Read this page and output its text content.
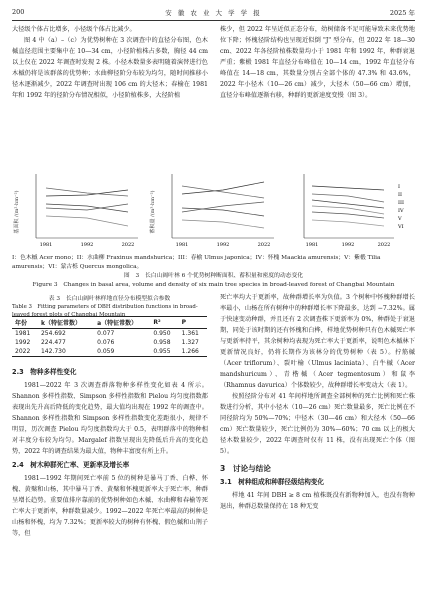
200	安 徽 农 业 大 学 学 报	2025 年

大径级个体占比增多，小径级个体占比减少。

图 4 中（a）–（c）为优势树种在 3 次调查中的直径分布图，色木槭直径范围主要集中在 10—34 cm，小径阶植株占多数，胸径 44 cm 以上仅在 2022 年调查时发现 2 株。小径木数量多表明随着演替进行色木槭仍将是该群落的优势种；水曲柳径阶分布较为均匀，随时间推移小径木逐渐减少，2022 年调查时出现 106 cm 的大径木；春榆在 1981 年和 1992 年的径阶分布情况相似，小径阶植株多，大径阶植

株少，但 2022 年呈近似正态分布，幼树储备不足可能导致未来优势地位下降；怀槐径阶结构也呈现近似倒 "J" 型分布，但 2022 年 18—30 cm、2022 年各径阶植株数量均小于 1981 年和 1992 年，种群衰退严重；紫椴 1981 年直径分布峰值在 10—14 cm，1992 年直径分布峰值在 14—18 cm，其数量分别占全部个体的 47.3% 和 43.6%，2022 年小径木（10—26 cm）减少，大径木（50—66 cm）增加，直径分布峰值逐渐右移，种群的更新速度变慢（图 3）。

基面积 /(m²·hm⁻²)
1981	1992	2022
蓄积量 /(m³·hm⁻²)
1981	1992	2022	1981	1992	2022
I
II
III
IV
V
VI
I：色木槭 Acer mono；II：水曲柳 Fraxinus mandshurica；III：春榆 Ulmus japonica；IV：怀槐 Maackia amurensis；V：紫椴 Tilia amurensis；VI：蒙古栎 Quercus mongolica。
图　3　长白山阔叶林 6 个优势树种断面积、蓄积量和密度的动态变化
Figure 3　Changes in basal area, volume and density of six main tree species in broad-leaved forest of Changbai Mountain
表 3　长白山阔叶林样地直径分布模型拟合参数
Table 3　Fitting parameters of DBH distribution functions in broad-leaved forest plots of Changbai Mountain
年份	k（特征常数）	a（特征常数）	R²	P
1981	254.692	0.077	0.950	1.361
1992	224.477	0.076	0.958	1.327
2022	142.730	0.059	0.955	1.266
2.3　物种多样性变化

1981—2022 年 3 次调查群落物种多样性变化如表 4 所示。Shannon 多样性指数、Simpson 多样性指数和 Pielou 均匀度指数都表现出先升高后降低的变化趋势，最大值均出现在 1992 年的调查中。Shannon 多样性指数和 Simpson 多样性指数变化差距很小，规律不明显，历次调查 Pielou 均匀度指数均大于 0.5，表明群落中的物种相对丰度分布较为均匀。Margalef 指数呈现出先降低后升高的变化趋势，2022 年的调查结果为最大值，物种丰富度有所上升。

2.4　树木种群死亡率、更新率及增长率

1981—1992 年期间死亡率前 5 位的树种是暴马丁香、白桦、怀槐、黄檗和山杨，其中暴马丁香、黄檗和怀槐更新率大于死亡率，种群呈增长趋势。重要值排序靠前的优势树种如色木槭、水曲柳和春榆等死亡率大于更新率，种群数量减少。1992—2022 年死亡率最高的树种是山杨和怀槐，均为 7.32%；更新率较大的树种有怀槐、假色槭和山荆子等，但

死亡率均大于更新率，故种群增长率为负值。3 个树种中怀槐种群增长率最小，山杨在所有树种中的种群增长率下降最多，达到 −7.32%。属于快速变动种群，并且还有 2 次调查株下更新率为 0%，种群处于衰退期，同处于该时期的还有怀槐和白桦，样地优势树种只有色木槭死亡率与更新率持平，其余树种均表现为死亡率大于更新率，说明色木槭林下更新情况良好，仍将长期作为该林分的优势树种（表 5）。拧筋槭（Acer triflorum）、裂叶榆（Ulmus laciniata）、白牛槭（Acer mandshuricum）、青楷槭（Acer tegmentosum）和鼠李（Rhamnus davurica）个体数较少，故种群增长率变动大（表 1）。

按照径阶分布对 41 年间样地所调查全部树种的死亡比例和死亡株数进行分析，其中小径木（10—26 cm）死亡数量最多，死亡比例在不同径阶均为 50%—70%；中径木（30—46 cm）和大径木（50—66 cm）死亡数量较少，死亡比例仍为 30%—60%；70 cm 以上的极大径木数量较少，2022 年调查时仅有 11 株，没有出现死亡个体（图 5）。

3　讨论与结论
3.1　树种组成和种群径级结构变化

样地 41 年间 DBH ≥ 8 cm 植株既没有新物种加入，也没有物种退出，种群总数量保持在 18 种无变
